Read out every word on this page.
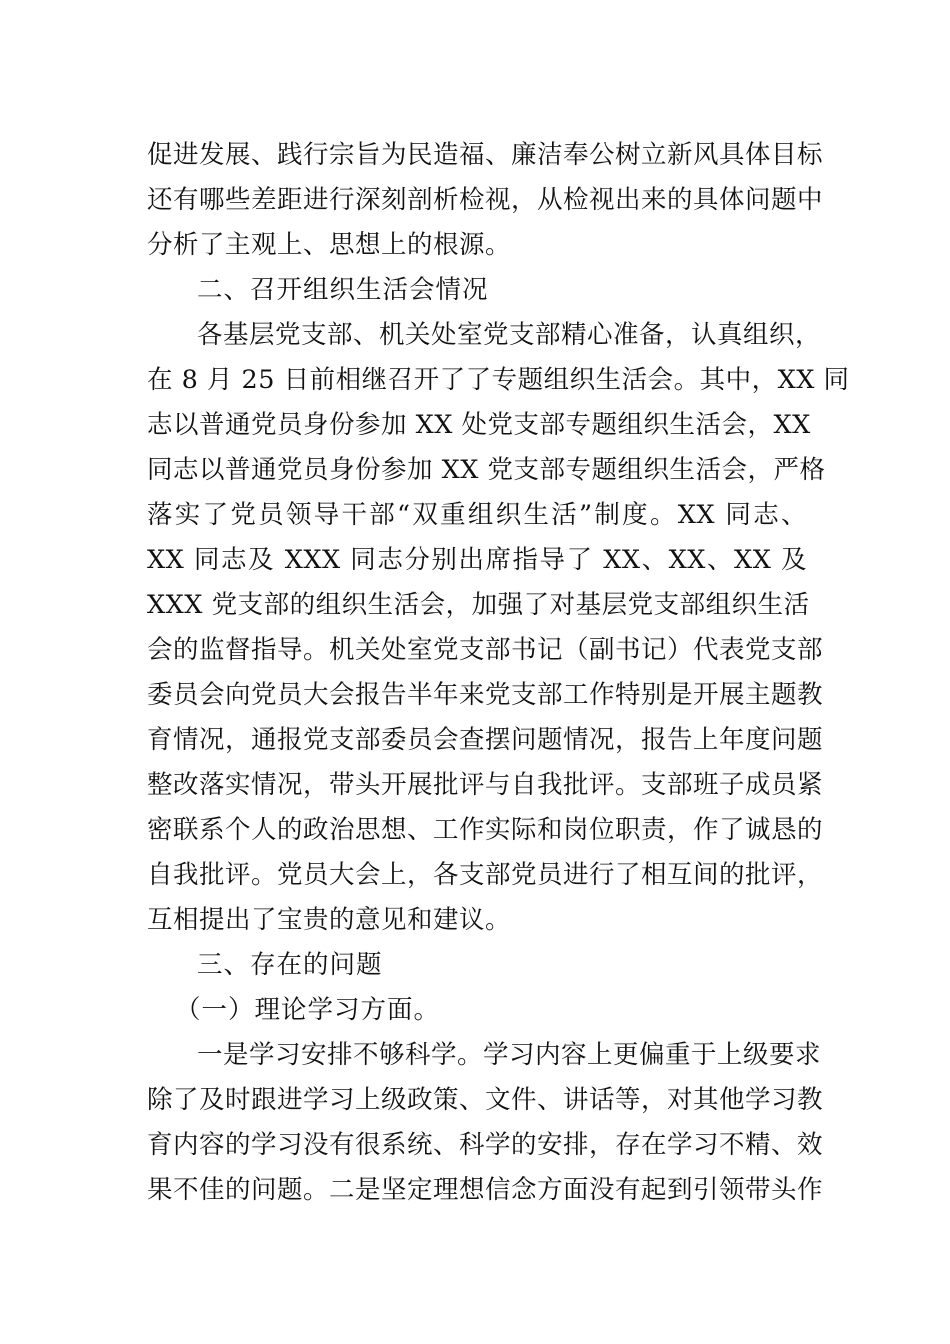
促进发展、践行宗旨为民造福、廉洁奉公树立新风具体目标
还有哪些差距进行深刻剖析检视，从检视出来的具体问题中
分析了主观上、思想上的根源。
二、召开组织生活会情况
各基层党支部、机关处室党支部精心准备，认真组织，
在 8 月 25 日前相继召开了了专题组织生活会。其中，XX 同
志以普通党员身份参加 XX 处党支部专题组织生活会，XX
同志以普通党员身份参加 XX 党支部专题组织生活会，严格
落实了党员领导干部“双重组织生活”制度。XX 同志、
XX 同志及 XXX 同志分别出席指导了 XX、XX、XX 及
XXX 党支部的组织生活会，加强了对基层党支部组织生活
会的监督指导。机关处室党支部书记（副书记）代表党支部
委员会向党员大会报告半年来党支部工作特别是开展主题教
育情况，通报党支部委员会查摆问题情况，报告上年度问题
整改落实情况，带头开展批评与自我批评。支部班子成员紧
密联系个人的政治思想、工作实际和岗位职责，作了诚恳的
自我批评。党员大会上，各支部党员进行了相互间的批评，
互相提出了宝贵的意见和建议。
三、存在的问题
（一）理论学习方面。
一是学习安排不够科学。学习内容上更偏重于上级要求
除了及时跟进学习上级政策、文件、讲话等，对其他学习教
育内容的学习没有很系统、科学的安排，存在学习不精、效
果不佳的问题。二是坚定理想信念方面没有起到引领带头作
